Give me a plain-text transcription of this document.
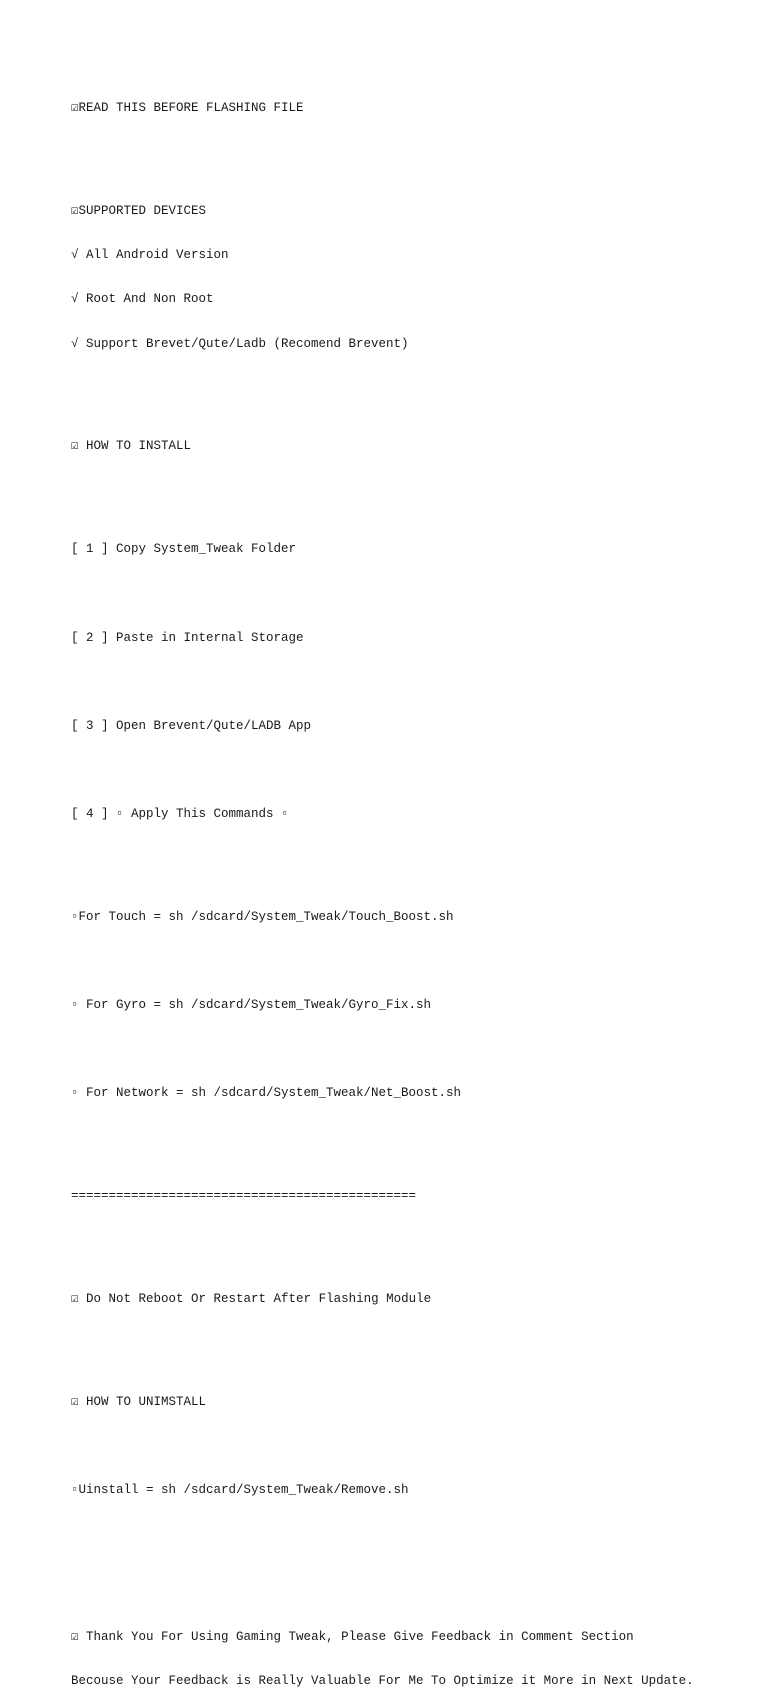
☑READ THIS BEFORE FLASHING FILE

☑SUPPORTED DEVICES

√ All Android Version

√ Root And Non Root

√ Support Brevet/Qute/Ladb (Recomend Brevent)

☑ HOW TO INSTALL

[ 1 ] Copy System_Tweak Folder

[ 2 ] Paste in Internal Storage

[ 3 ] Open Brevent/Qute/LADB App

[ 4 ] ▫ Apply This Commands ▫

▫For Touch = sh /sdcard/System_Tweak/Touch_Boost.sh

▫ For Gyro = sh /sdcard/System_Tweak/Gyro_Fix.sh

▫ For Network = sh /sdcard/System_Tweak/Net_Boost.sh

==============================================

☑ Do Not Reboot Or Restart After Flashing Module

☑ HOW TO UNIMSTALL

▫Uinstall = sh /sdcard/System_Tweak/Remove.sh

☑ Thank You For Using Gaming Tweak, Please Give Feedback in Comment Section

Becouse Your Feedback is Really Valuable For Me To Optimize it More in Next Update.
